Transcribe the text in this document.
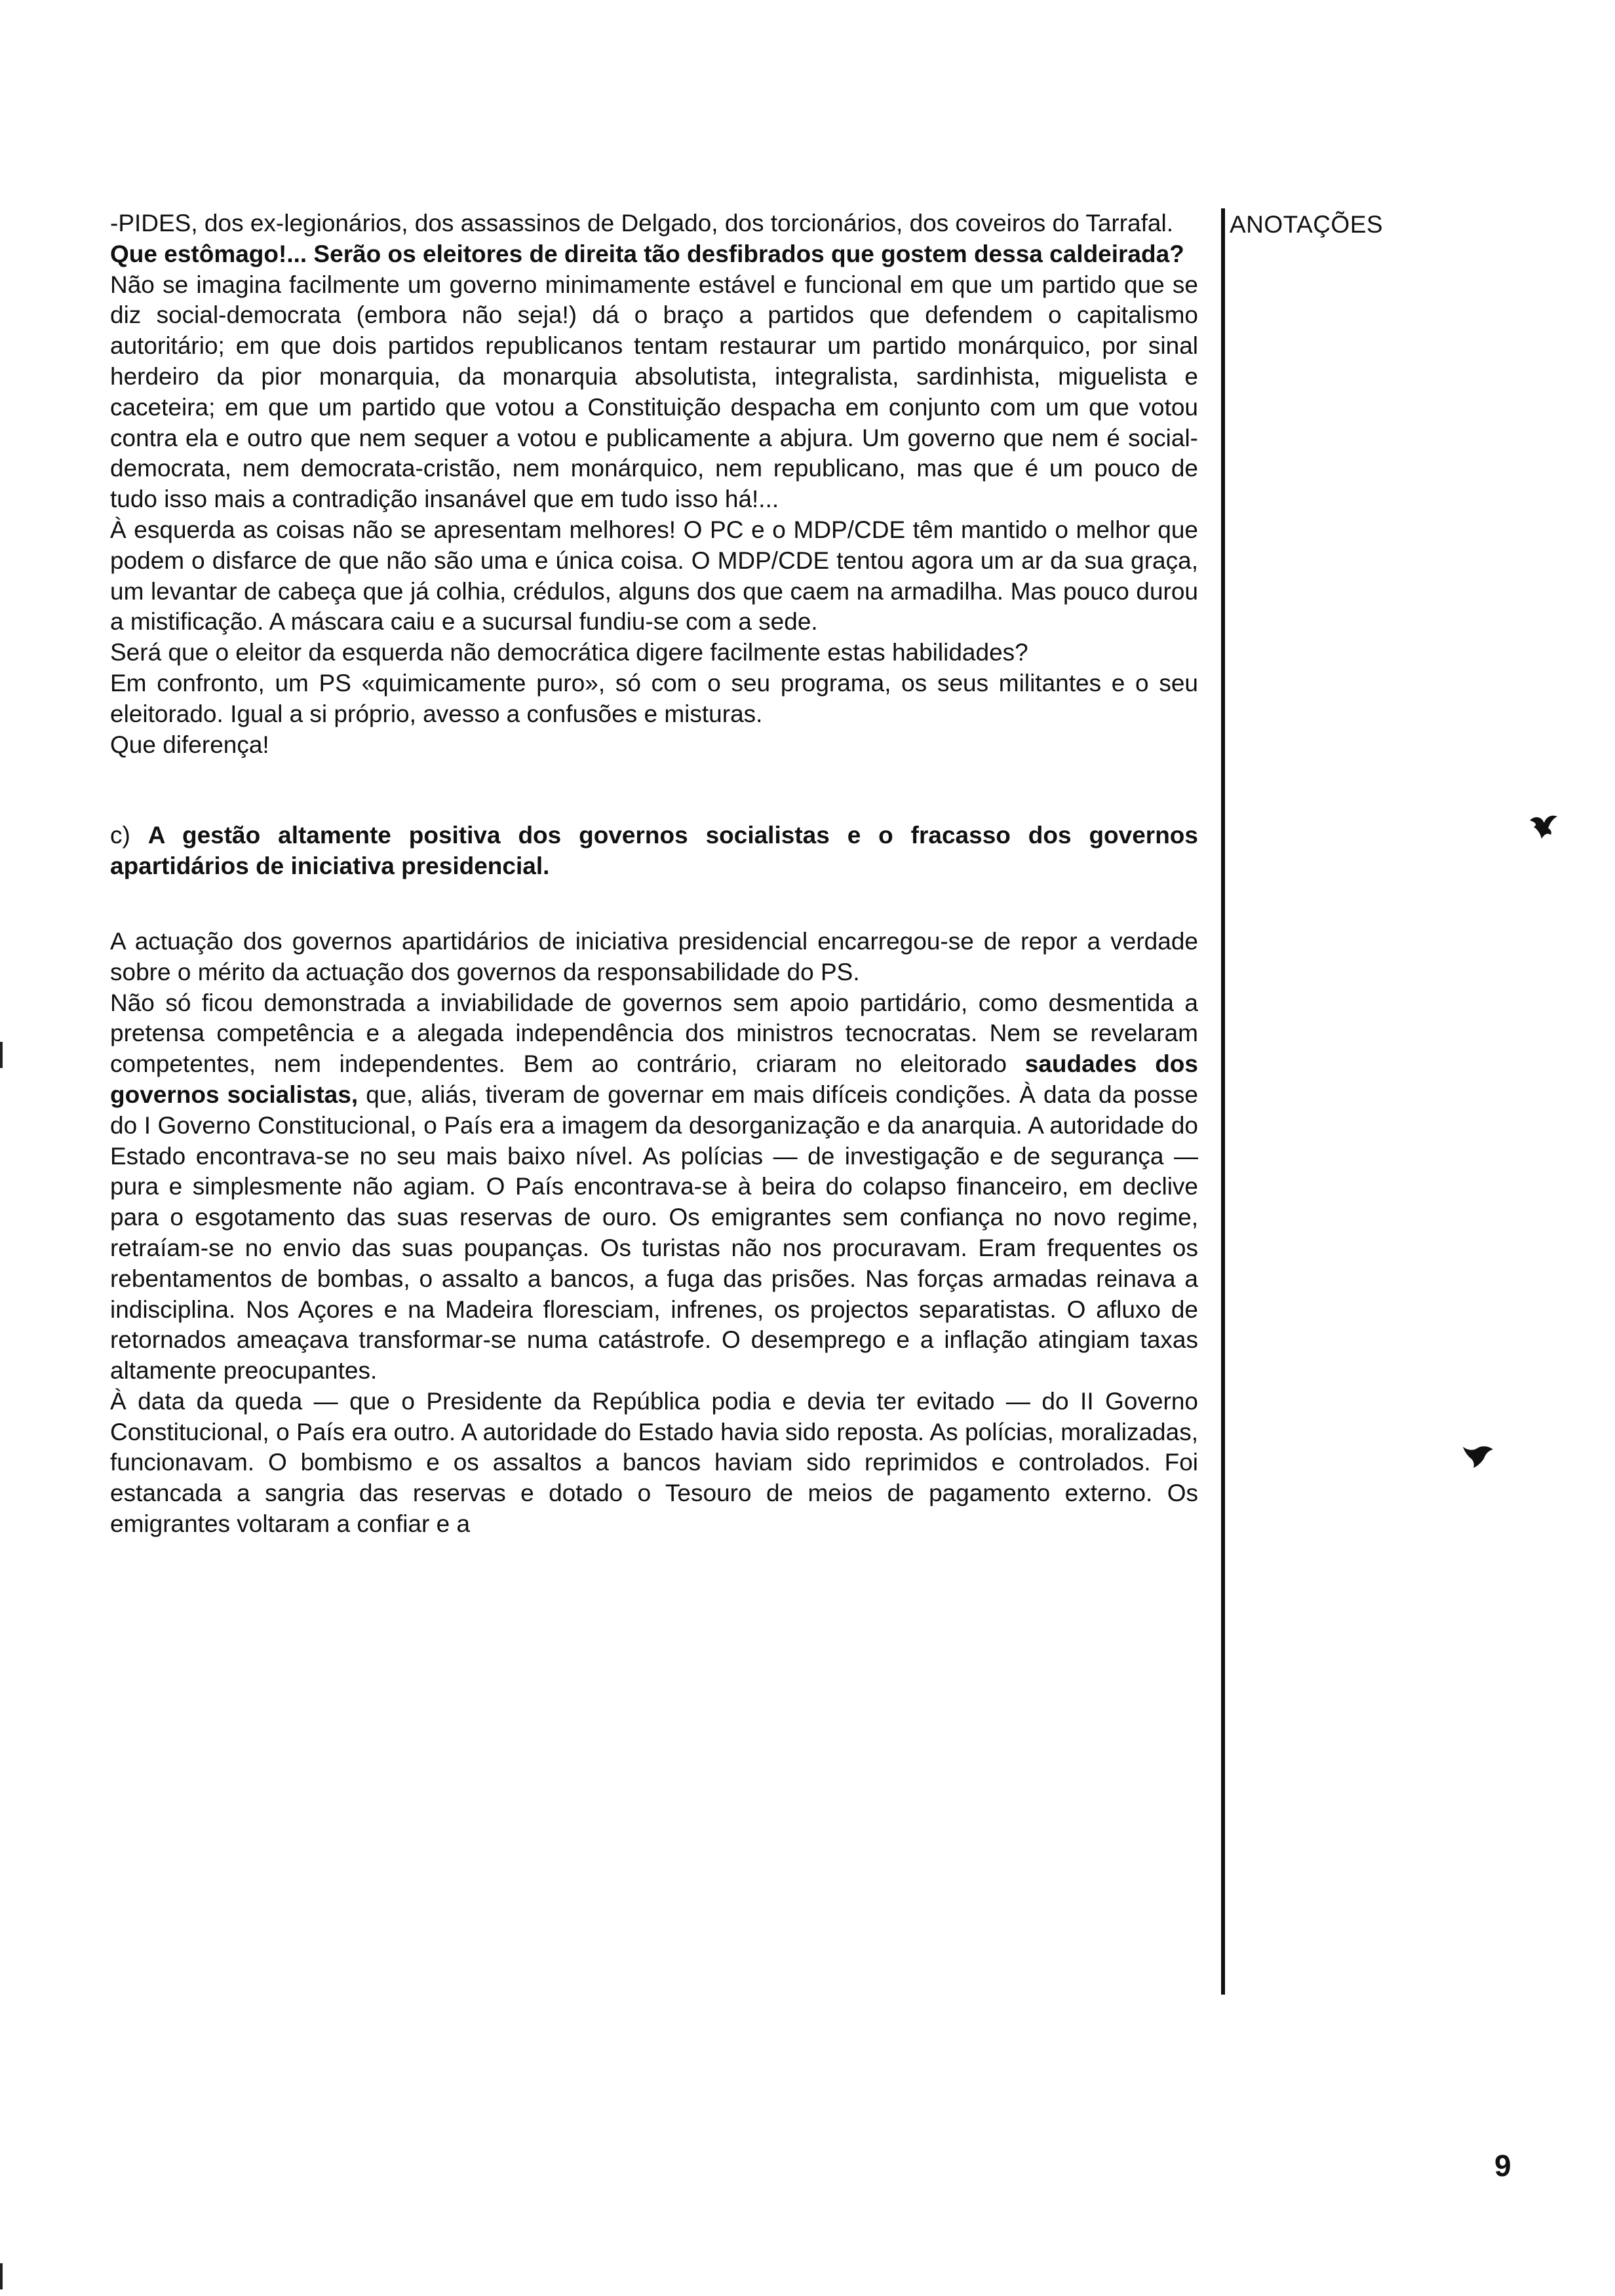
-PIDES, dos ex-legionários, dos assassinos de Delgado, dos torcionários, dos coveiros do Tarrafal.

Que estômago!... Serão os eleitores de direita tão desfibrados que gostem dessa caldeirada?

Não se imagina facilmente um governo minimamente estável e funcional em que um partido que se diz social-democrata (embora não seja!) dá o braço a partidos que defendem o capitalismo autoritário; em que dois partidos republicanos tentam restaurar um partido monárquico, por sinal herdeiro da pior monarquia, da monarquia absolutista, integralista, sardinhista, miguelista e caceteira; em que um partido que votou a Constituição despacha em conjunto com um que votou contra ela e outro que nem sequer a votou e publicamente a abjura. Um governo que nem é social-democrata, nem democrata-cristão, nem monárquico, nem republicano, mas que é um pouco de tudo isso mais a contradição insanável que em tudo isso há!...

À esquerda as coisas não se apresentam melhores! O PC e o MDP/CDE têm mantido o melhor que podem o disfarce de que não são uma e única coisa. O MDP/CDE tentou agora um ar da sua graça, um levantar de cabeça que já colhia, crédulos, alguns dos que caem na armadilha. Mas pouco durou a mistificação. A máscara caiu e a sucursal fundiu-se com a sede.

Será que o eleitor da esquerda não democrática digere facilmente estas habilidades?

Em confronto, um PS «quimicamente puro», só com o seu programa, os seus militantes e o seu eleitorado. Igual a si próprio, avesso a confusões e misturas.

Que diferença!

c) A gestão altamente positiva dos governos socialistas e o fracasso dos governos apartidários de iniciativa presidencial.

A actuação dos governos apartidários de iniciativa presidencial encarregou-se de repor a verdade sobre o mérito da actuação dos governos da responsabilidade do PS.

Não só ficou demonstrada a inviabilidade de governos sem apoio partidário, como desmentida a pretensa competência e a alegada independência dos ministros tecnocratas. Nem se revelaram competentes, nem independentes. Bem ao contrário, criaram no eleitorado saudades dos governos socialistas, que, aliás, tiveram de governar em mais difíceis condições. À data da posse do I Governo Constitucional, o País era a imagem da desorganização e da anarquia. A autoridade do Estado encontrava-se no seu mais baixo nível. As polícias — de investigação e de segurança — pura e simplesmente não agiam. O País encontrava-se à beira do colapso financeiro, em declive para o esgotamento das suas reservas de ouro. Os emigrantes sem confiança no novo regime, retraíam-se no envio das suas poupanças. Os turistas não nos procuravam. Eram frequentes os rebentamentos de bombas, o assalto a bancos, a fuga das prisões. Nas forças armadas reinava a indisciplina. Nos Açores e na Madeira floresciam, infrenes, os projectos separatistas. O afluxo de retornados ameaçava transformar-se numa catástrofe. O desemprego e a inflação atingiam taxas altamente preocupantes.

À data da queda — que o Presidente da República podia e devia ter evitado — do II Governo Constitucional, o País era outro. A autoridade do Estado havia sido reposta. As polícias, moralizadas, funcionavam. O bombismo e os assaltos a bancos haviam sido reprimidos e controlados. Foi estancada a sangria das reservas e dotado o Tesouro de meios de pagamento externo. Os emigrantes voltaram a confiar e a

ANOTAÇÕES
9
